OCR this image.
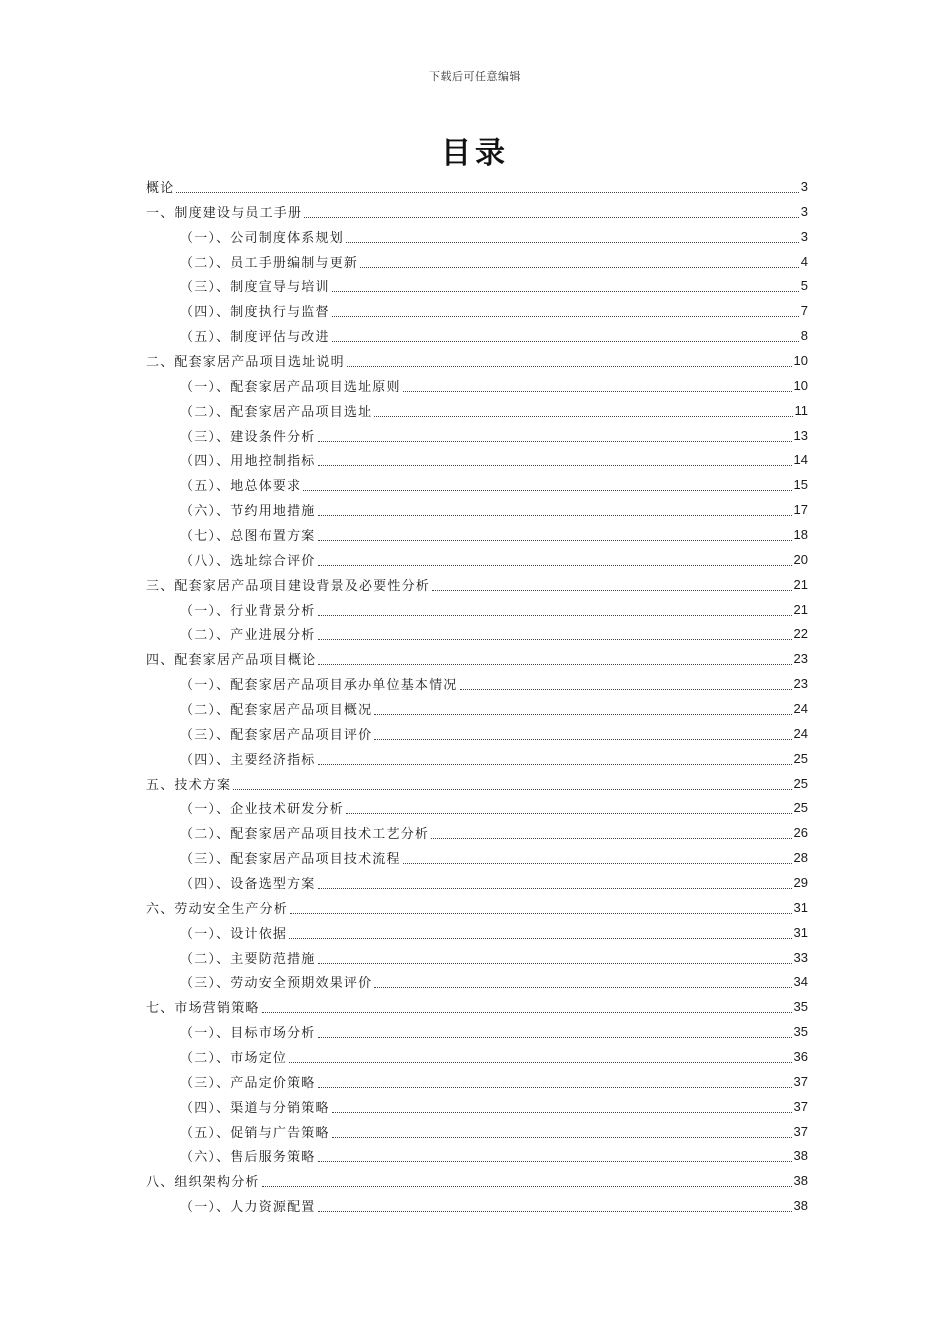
下载后可任意编辑
目录
概论	3
一、制度建设与员工手册	3
（一）、公司制度体系规划	3
（二）、员工手册编制与更新	4
（三）、制度宣导与培训	5
（四）、制度执行与监督	7
（五）、制度评估与改进	8
二、配套家居产品项目选址说明	10
（一）、配套家居产品项目选址原则	10
（二）、配套家居产品项目选址	11
（三）、建设条件分析	13
（四）、用地控制指标	14
（五）、地总体要求	15
（六）、节约用地措施	17
（七）、总图布置方案	18
（八）、选址综合评价	20
三、配套家居产品项目建设背景及必要性分析	21
（一）、行业背景分析	21
（二）、产业进展分析	22
四、配套家居产品项目概论	23
（一）、配套家居产品项目承办单位基本情况	23
（二）、配套家居产品项目概况	24
（三）、配套家居产品项目评价	24
（四）、主要经济指标	25
五、技术方案	25
（一）、企业技术研发分析	25
（二）、配套家居产品项目技术工艺分析	26
（三）、配套家居产品项目技术流程	28
（四）、设备选型方案	29
六、劳动安全生产分析	31
（一）、设计依据	31
（二）、主要防范措施	33
（三）、劳动安全预期效果评价	34
七、市场营销策略	35
（一）、目标市场分析	35
（二）、市场定位	36
（三）、产品定价策略	37
（四）、渠道与分销策略	37
（五）、促销与广告策略	37
（六）、售后服务策略	38
八、组织架构分析	38
（一）、人力资源配置	38
